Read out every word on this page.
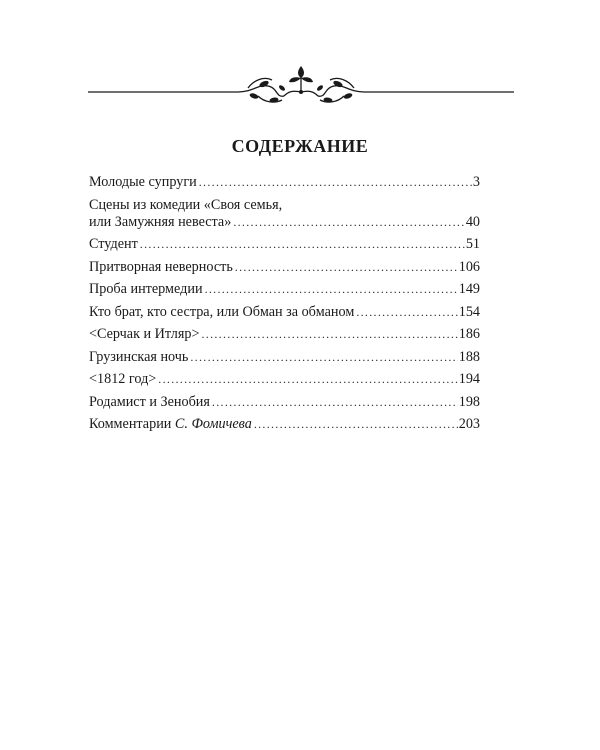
СОДЕРЖАНИЕ
Молодые супруги .....	3
Сцены из комедии «Своя семья,
или Замужняя невеста» .....	40
Студент .....	51
Притворная неверность .....	106
Проба интермедии .....	149
Кто брат, кто сестра, или Обман за обманом .....	154
<Серчак и Итляр> .....	186
Грузинская ночь .....	188
<1812 год> .....	194
Родамист и Зенобия .....	198
Комментарии С. Фомичева .....	203
